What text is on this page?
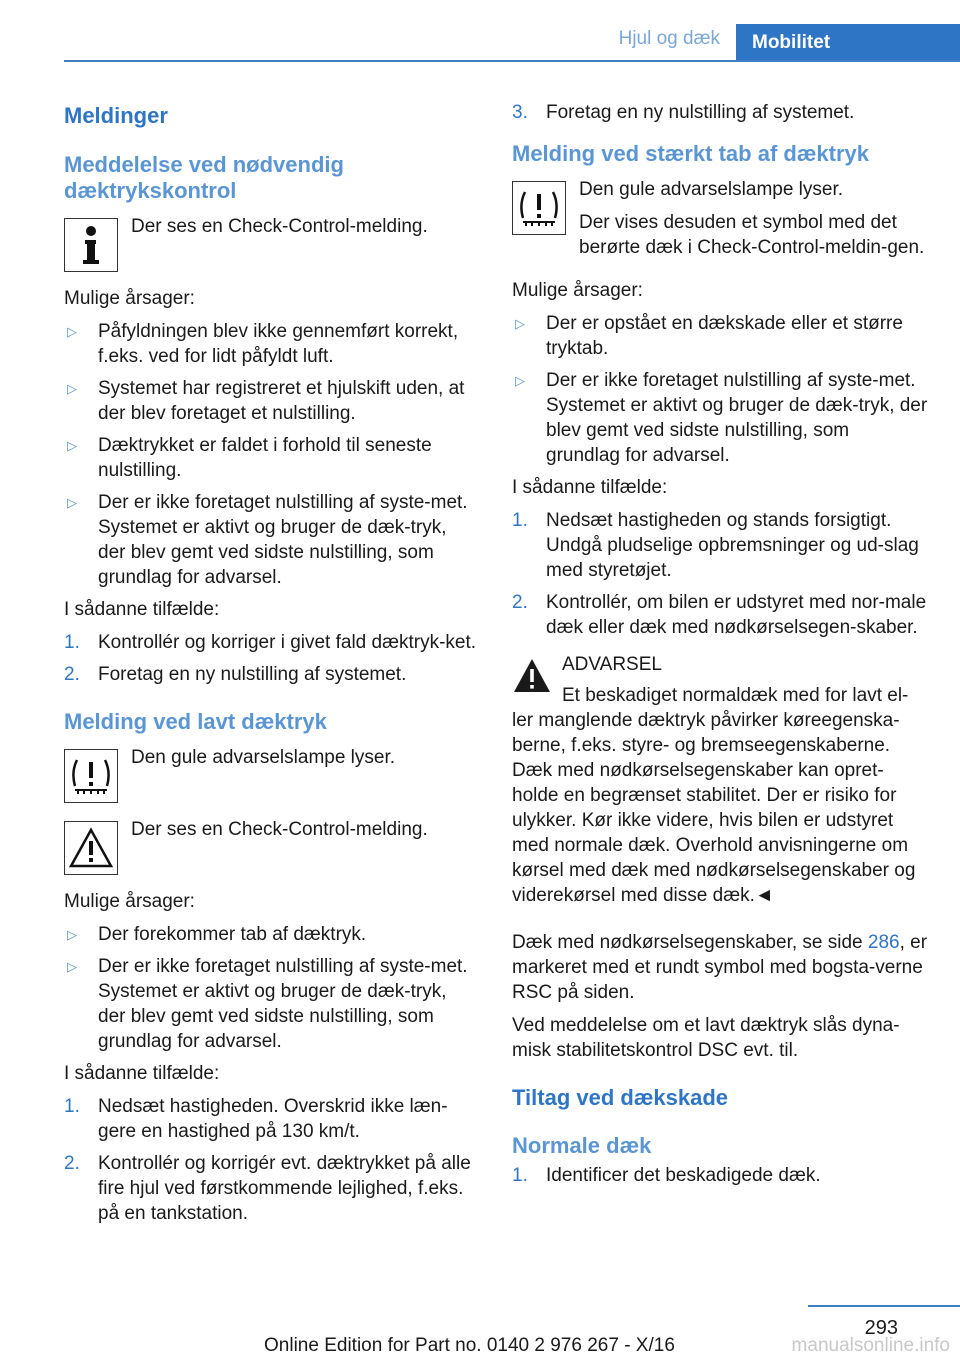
Hjul og dæk	Mobilitet
Meldinger
Meddelelse ved nødvendig dæktrykskontrol
Der ses en Check-Control-melding.

Mulige årsager:

▷ Påfyldningen blev ikke gennemført korrekt, f.eks. ved for lidt påfyldt luft.
▷ Systemet har registreret et hjulskift uden, at der blev foretaget et nulstilling.
▷ Dæktrykket er faldet i forhold til seneste nulstilling.
▷ Der er ikke foretaget nulstilling af syste‐met. Systemet er aktivt og bruger de dæk‐tryk, der blev gemt ved sidste nulstilling, som grundlag for advarsel.

I sådanne tilfælde:

1. Kontrollér og korriger i givet fald dæktryk‐ket.
2. Foretag en ny nulstilling af systemet.
Melding ved lavt dæktryk
Den gule advarselslampe lyser.
Der ses en Check-Control-melding.

Mulige årsager:

▷ Der forekommer tab af dæktryk.
▷ Der er ikke foretaget nulstilling af syste‐met. Systemet er aktivt og bruger de dæk‐tryk, der blev gemt ved sidste nulstilling, som grundlag for advarsel.

I sådanne tilfælde:

1. Nedsæt hastigheden. Overskrid ikke læn‐gere en hastighed på 130 km/t.
2. Kontrollér og korrigér evt. dæktrykket på alle fire hjul ved førstkommende lejlighed, f.eks. på en tankstation.
3. Foretag en ny nulstilling af systemet.
Melding ved stærkt tab af dæktryk

Den gule advarselslampe lyser.

Der vises desuden et symbol med det berørte dæk i Check-Control-meldin‐gen.

Mulige årsager:

▷ Der er opstået en dækskade eller et større tryktab.
▷ Der er ikke foretaget nulstilling af syste‐met. Systemet er aktivt og bruger de dæk‐tryk, der blev gemt ved sidste nulstilling, som grundlag for advarsel.

I sådanne tilfælde:

1. Nedsæt hastigheden og stands forsigtigt. Undgå pludselige opbremsninger og ud‐slag med styretøjet.
2. Kontrollér, om bilen er udstyret med nor‐male dæk eller dæk med nødkørselsegen‐skaber.

ADVARSEL

Et beskadiget normaldæk med for lavt el‐ler manglende dæktryk påvirker køreegenska‐berne, f.eks. styre- og bremseegenskaberne. Dæk med nødkørselsegenskaber kan opret‐holde en begrænset stabilitet. Der er risiko for ulykker. Kør ikke videre, hvis bilen er udstyret med normale dæk. Overhold anvisningerne om kørsel med dæk med nødkørselsegenskaber og viderekørsel med disse dæk.◄

Dæk med nødkørselsegenskaber, se side 286, er markeret med et rundt symbol med bogsta‐verne RSC på siden.

Ved meddelelse om et lavt dæktryk slås dyna‐misk stabilitetskontrol DSC evt. til.

Tiltag ved dækskade
Normale dæk
1. Identificer det beskadigede dæk.
293
Online Edition for Part no. 0140 2 976 267 - X/16	manualsonline.info
